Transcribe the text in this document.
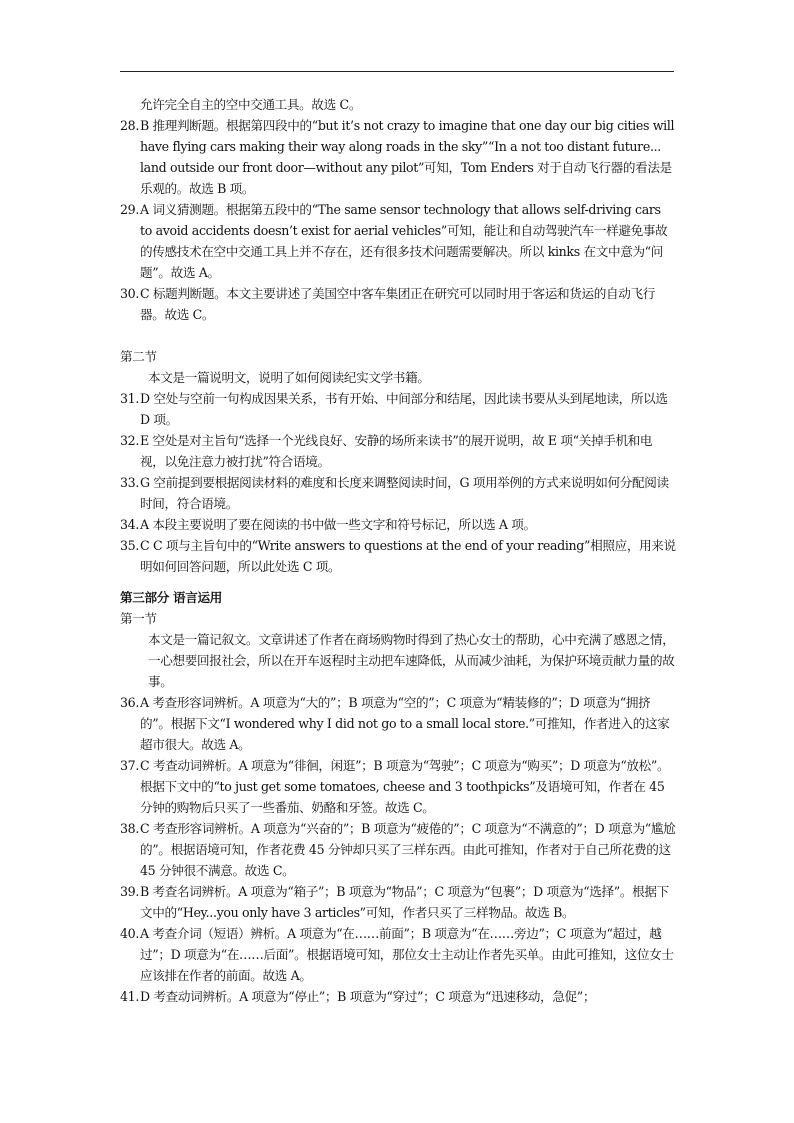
允许完全自主的空中交通工具。故选 C。
28. B 推理判断题。根据第四段中的“but it’s not crazy to imagine that one day our big cities will have flying cars making their way along roads in the sky”“In a not too distant future... land outside our front door—without any pilot”可知，Tom Enders 对于自动飞行器的看法是乐观的。故选 B 项。
29. A 词义猜测题。根据第五段中的“The same sensor technology that allows self-driving cars to avoid accidents doesn’t exist for aerial vehicles”可知，能让和自动驾驶汽车一样避免事故的传感技术在空中交通工具上并不存在，还有很多技术问题需要解决。所以 kinks 在文中意为“问题”。故选 A。
30. C 标题判断题。本文主要讲述了美国空中客车集团正在研究可以同时用于客运和货运的自动飞行器。故选 C。
第二节
本文是一篇说明文，说明了如何阅读纪实文学书籍。
31. D 空处与空前一句构成因果关系，书有开始、中间部分和结尾，因此读书要从头到尾地读，所以选 D 项。
32. E 空处是对主旨句“选择一个光线良好、安静的场所来读书”的展开说明，故 E 项“关掉手机和电视，以免注意力被打扰”符合语境。
33. G 空前提到要根据阅读材料的难度和长度来调整阅读时间，G 项用举例的方式来说明如何分配阅读时间，符合语境。
34. A 本段主要说明了要在阅读的书中做一些文字和符号标记，所以选 A 项。
35. C C 项与主旨句中的“Write answers to questions at the end of your reading”相照应，用来说明如何回答问题，所以此处选 C 项。
第三部分 语言运用
第一节
本文是一篇记叙文。文章讲述了作者在商场购物时得到了热心女士的帮助，心中充满了感恩之情，一心想要回报社会，所以在开车返程时主动把车速降低，从而减少油耗，为保护环境贡献力量的故事。
36. A 考查形容词辨析。A 项意为“大的”；B 项意为“空的”；C 项意为“精装修的”；D 项意为“拥挤的”。根据下文“I wondered why I did not go to a small local store.”可推知，作者进入的这家超市很大。故选 A。
37. C 考查动词辨析。A 项意为“徘徊，闲逛”；B 项意为“驾驶”；C 项意为“购买”；D 项意为“放松”。根据下文中的“to just get some tomatoes, cheese and 3 toothpicks”及语境可知，作者在 45 分钟的购物后只买了一些番茄、奶酪和牙签。故选 C。
38. C 考查形容词辨析。A 项意为“兴奋的”；B 项意为“疲倦的”；C 项意为“不满意的”；D 项意为“尴尬的”。根据语境可知，作者花费 45 分钟却只买了三样东西。由此可推知，作者对于自己所花费的这 45 分钟很不满意。故选 C。
39. B 考查名词辨析。A 项意为“箱子”；B 项意为“物品”；C 项意为“包裹”；D 项意为“选择”。根据下文中的“Hey...you only have 3 articles”可知，作者只买了三样物品。故选 B。
40. A 考查介词（短语）辨析。A 项意为“在……前面”；B 项意为“在……旁边”；C 项意为“超过，越过”；D 项意为“在……后面”。根据语境可知，那位女士主动让作者先买单。由此可推知，这位女士应该排在作者的前面。故选 A。
41. D 考查动词辨析。A 项意为“停止”；B 项意为“穿过”；C 项意为“迅速移动，急促”；
